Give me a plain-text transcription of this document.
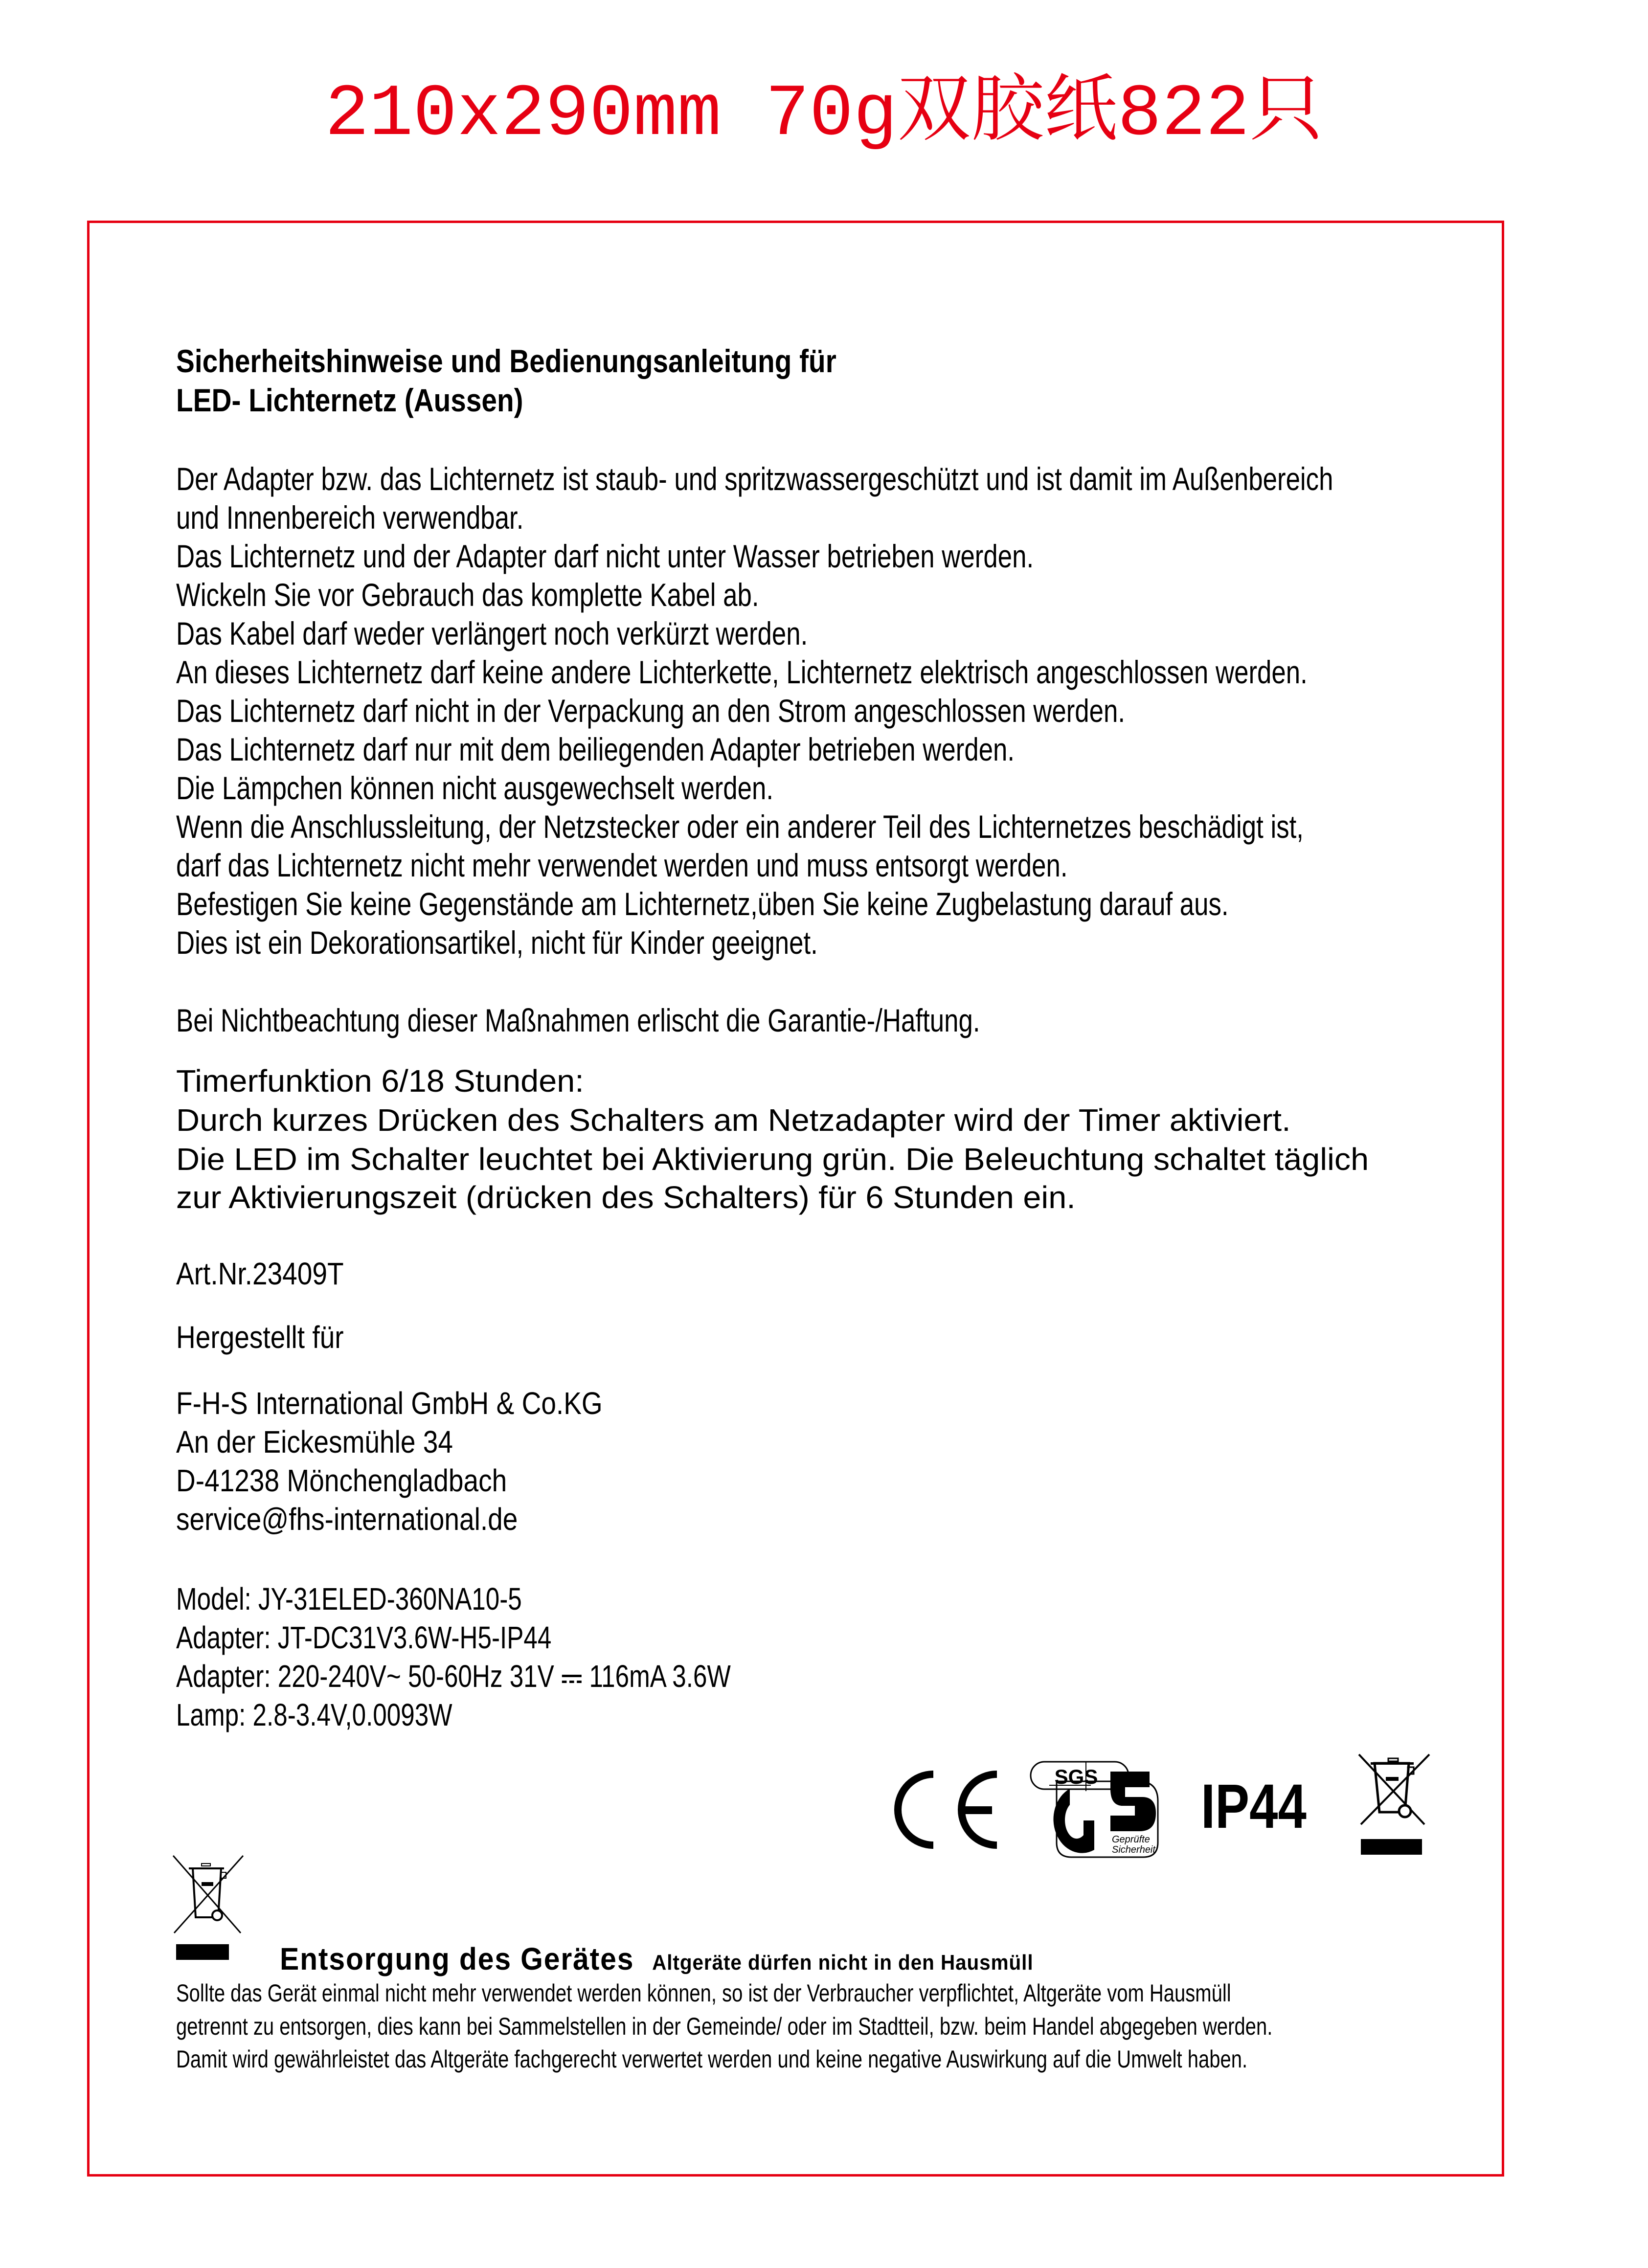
210x290mm 70g双胶纸822只
Sicherheitshinweise und Bedienungsanleitung für
LED- Lichternetz (Aussen)
Der Adapter bzw. das Lichternetz ist staub- und spritzwassergeschützt und ist damit im Außenbereich
und Innenbereich verwendbar.
Das Lichternetz und der Adapter darf nicht unter Wasser betrieben werden.
Wickeln Sie vor Gebrauch das komplette Kabel ab.
Das Kabel darf weder verlängert noch verkürzt werden.
An dieses Lichternetz darf keine andere Lichterkette, Lichternetz elektrisch angeschlossen werden.
Das Lichternetz darf nicht in der Verpackung an den Strom angeschlossen werden.
Das Lichternetz darf nur mit dem beiliegenden Adapter betrieben werden.
Die Lämpchen können nicht ausgewechselt werden.
Wenn die Anschlussleitung, der Netzstecker oder ein anderer Teil des Lichternetzes beschädigt ist,
darf das Lichternetz nicht mehr verwendet werden und muss entsorgt werden.
Befestigen Sie keine Gegenstände am Lichternetz,üben Sie keine Zugbelastung darauf aus.
Dies ist ein Dekorationsartikel, nicht für Kinder geeignet.
Bei Nichtbeachtung dieser Maßnahmen erlischt die Garantie-/Haftung.
Timerfunktion 6/18 Stunden:
Durch kurzes Drücken des Schalters am Netzadapter wird der Timer aktiviert.
Die LED im Schalter leuchtet bei Aktivierung grün. Die Beleuchtung schaltet täglich
zur Aktivierungszeit (drücken des Schalters) für 6 Stunden ein.
Art.Nr.23409T
Hergestellt für
F-H-S International GmbH & Co.KG
An der Eickesmühle 34
D-41238 Mönchengladbach
service@fhs-international.de
Model: JY-31ELED-360NA10-5
Adapter: JT-DC31V3.6W-H5-IP44
Adapter: 220-240V~ 50-60Hz 31V 116mA 3.6W
Lamp: 2.8-3.4V,0.0093W
SGS
Geprüfte
Sicherheit
IP44
Entsorgung des Gerätes Altgeräte dürfen nicht in den Hausmüll
Sollte das Gerät einmal nicht mehr verwendet werden können, so ist der Verbraucher verpflichtet, Altgeräte vom Hausmüll
getrennt zu entsorgen, dies kann bei Sammelstellen in der Gemeinde/ oder im Stadtteil, bzw. beim Handel abgegeben werden.
Damit wird gewährleistet das Altgeräte fachgerecht verwertet werden und keine negative Auswirkung auf die Umwelt haben.
